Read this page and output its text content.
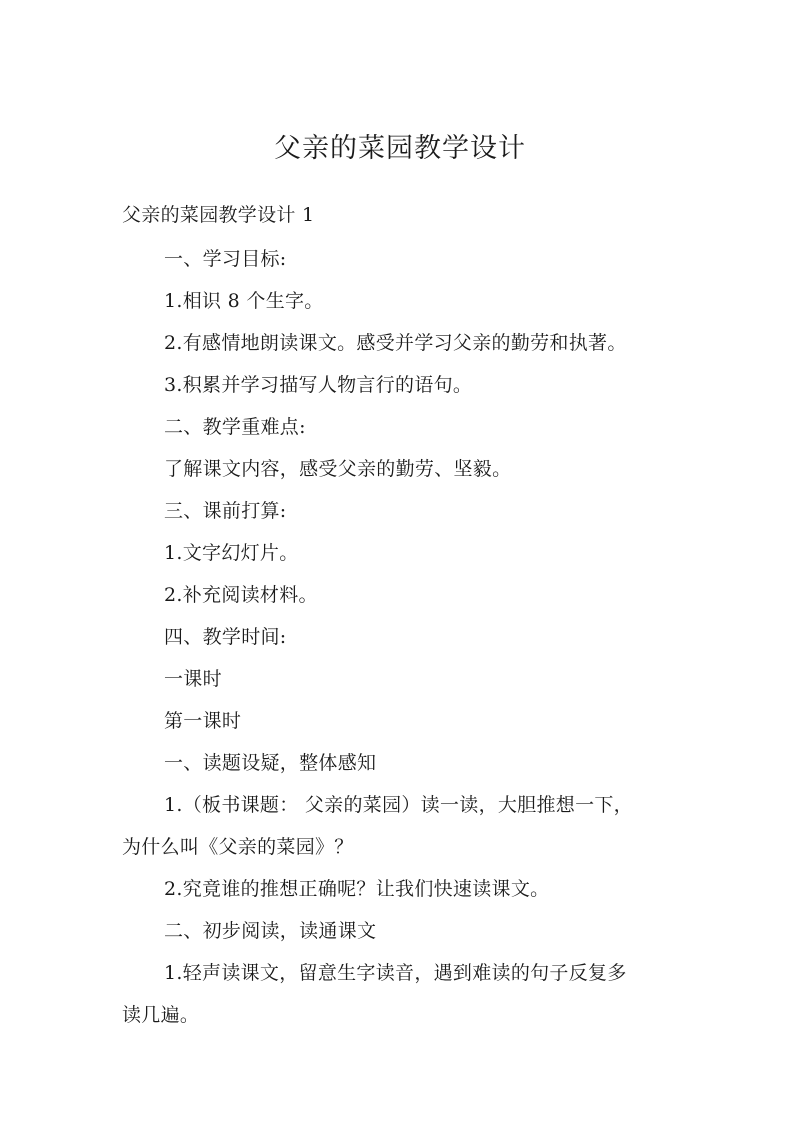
父亲的菜园教学设计
父亲的菜园教学设计 1
一、学习目标:
1.相识 8 个生字。
2.有感情地朗读课文。感受并学习父亲的勤劳和执著。
3.积累并学习描写人物言行的语句。
二、教学重难点:
了解课文内容，感受父亲的勤劳、坚毅。
三、课前打算:
1.文字幻灯片。
2.补充阅读材料。
四、教学时间:
一课时
第一课时
一、读题设疑，整体感知
1.（板书课题： 父亲的菜园）读一读，大胆推想一下，
为什么叫《父亲的菜园》？
2.究竟谁的推想正确呢？让我们快速读课文。
二、初步阅读，读通课文
1.轻声读课文，留意生字读音，遇到难读的句子反复多
读几遍。
